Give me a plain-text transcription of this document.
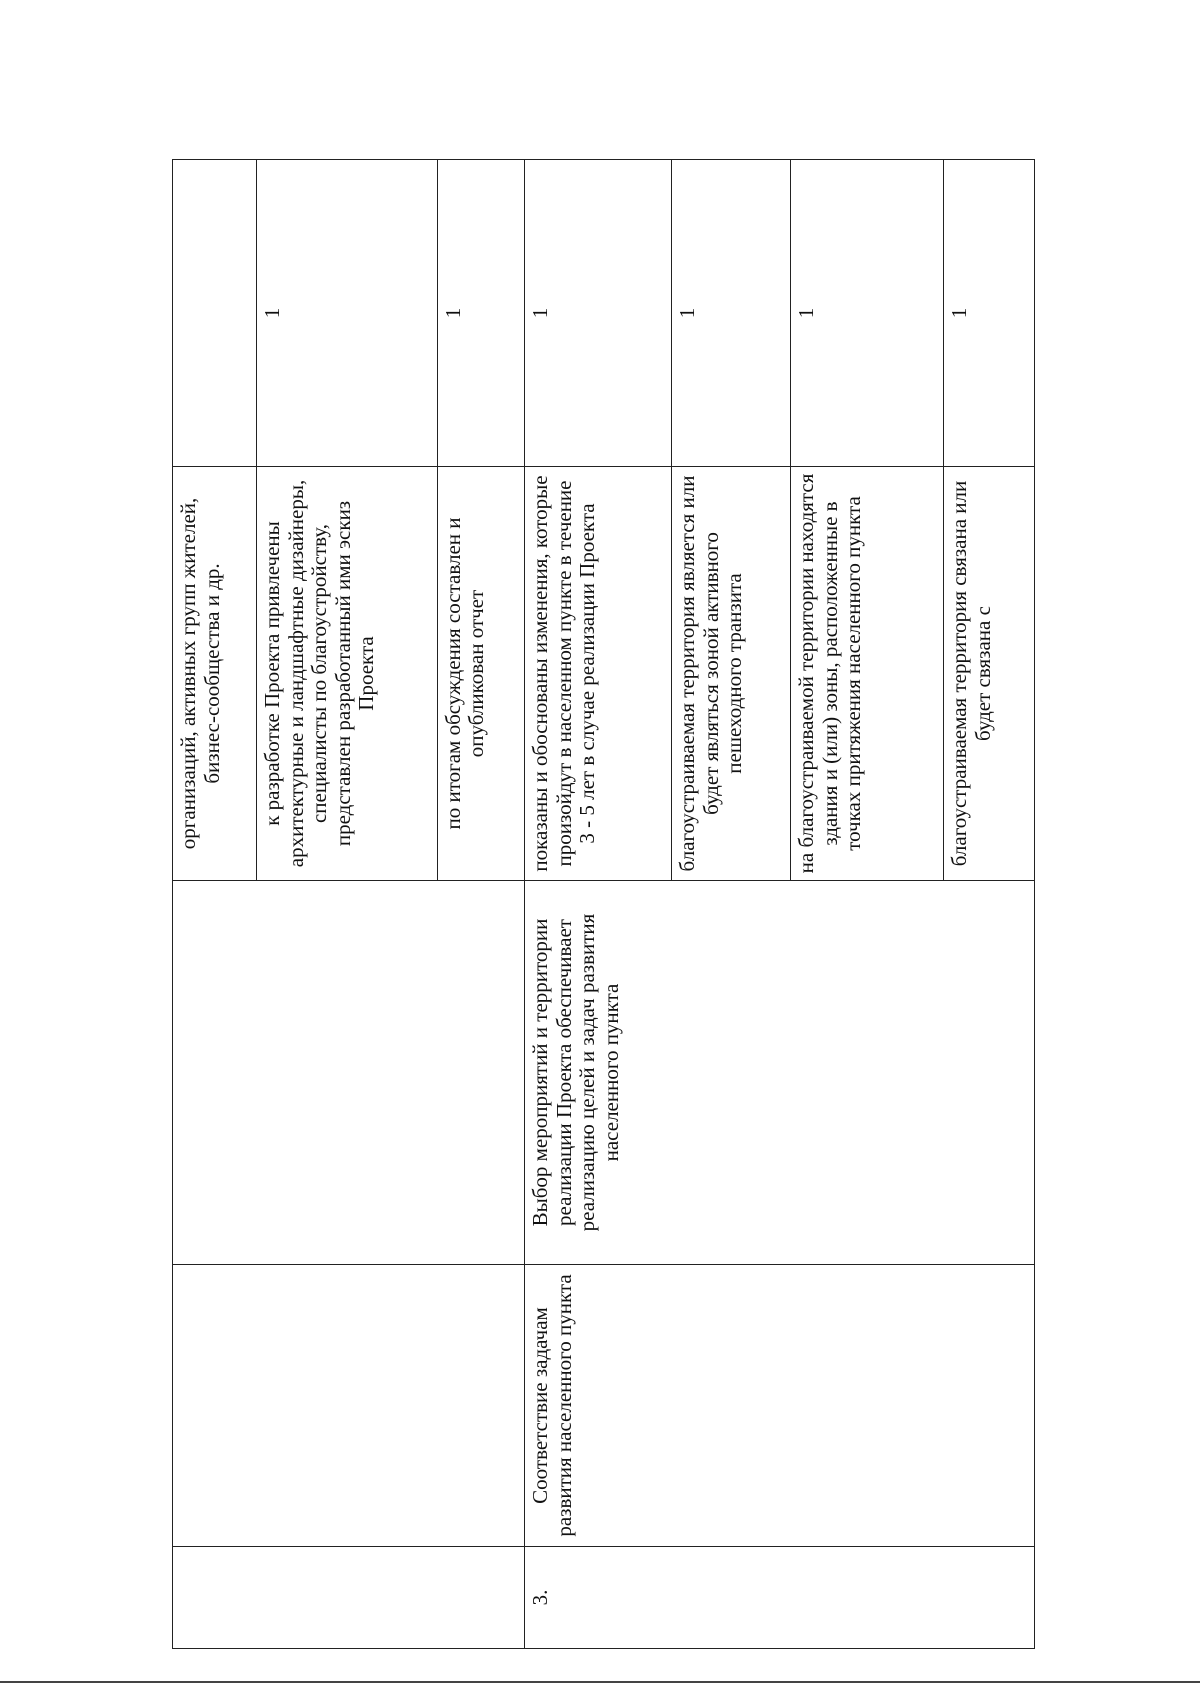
			организаций, активных групп жителей, бизнес-сообщества и др.	
			к разработке Проекта привлечены архитектурные и ландшафтные дизайнеры, специалисты по благоустройству, представлен разработанный ими эскиз Проекта	1
			по итогам обсуждения составлен и опубликован отчет	1
3.	Соответствие задачам развития населенного пункта	Выбор мероприятий и территории реализации Проекта обеспечивает реализацию целей и задач развития населенного пункта	показаны и обоснованы изменения, которые произойдут в населенном пункте в течение 3 - 5 лет в случае реализации Проекта	1
			благоустраиваемая территория является или будет являться зоной активного пешеходного транзита	1
			на благоустраиваемой территории находятся здания и (или) зоны, расположенные в точках притяжения населенного пункта	1
			благоустраиваемая территория связана или будет связана с	1
